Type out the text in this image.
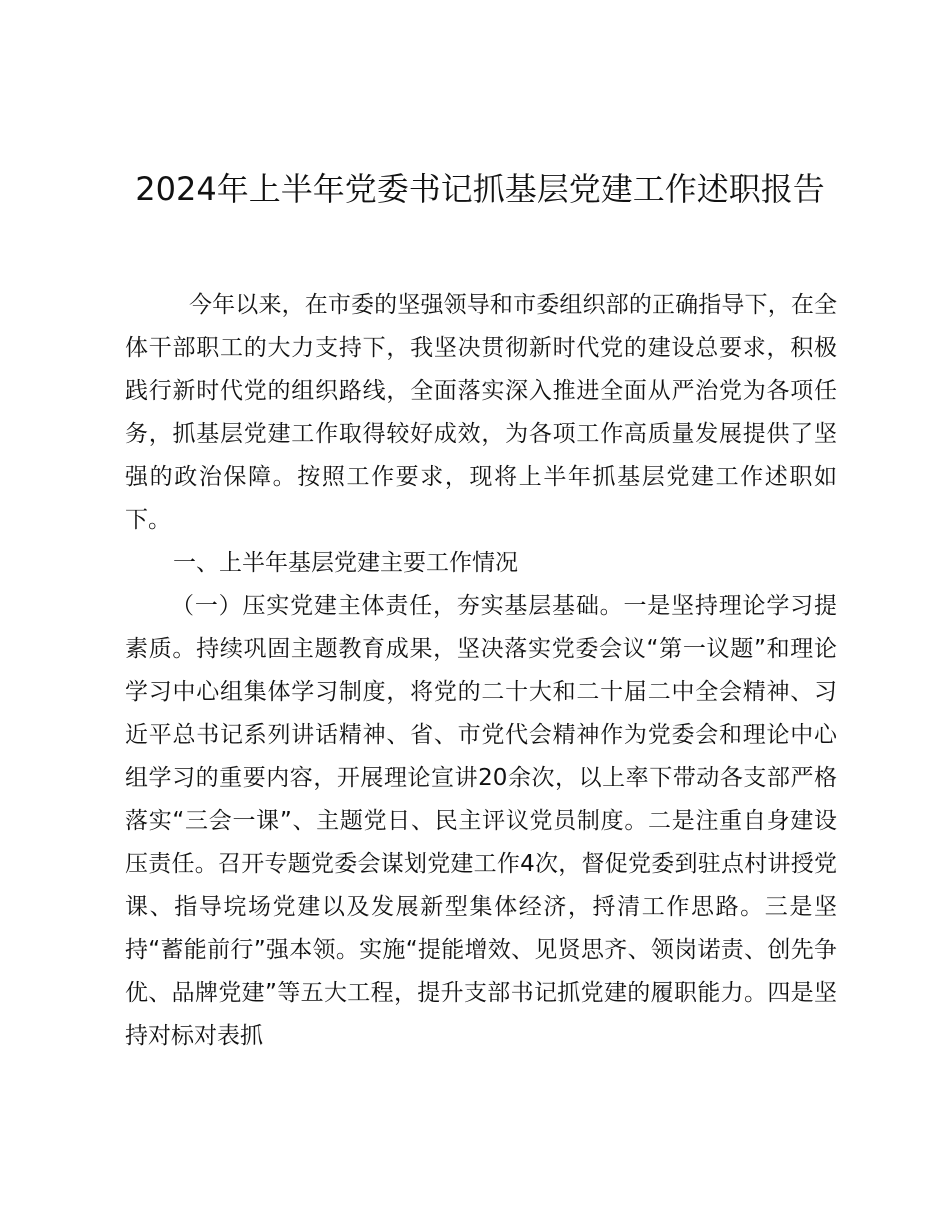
2024年上半年党委书记抓基层党建工作述职报告

今年以来，在市委的坚强领导和市委组织部的正确指导下，在全体干部职工的大力支持下，我坚决贯彻新时代党的建设总要求，积极践行新时代党的组织路线，全面落实深入推进全面从严治党为各项任务，抓基层党建工作取得较好成效，为各项工作高质量发展提供了坚强的政治保障。按照工作要求，现将上半年抓基层党建工作述职如下。

一、上半年基层党建主要工作情况

（一）压实党建主体责任，夯实基层基础。一是坚持理论学习提素质。持续巩固主题教育成果，坚决落实党委会议“第一议题”和理论学习中心组集体学习制度，将党的二十大和二十届二中全会精神、习近平总书记系列讲话精神、省、市党代会精神作为党委会和理论中心组学习的重要内容，开展理论宣讲20余次，以上率下带动各支部严格落实“三会一课”、主题党日、民主评议党员制度。二是注重自身建设压责任。召开专题党委会谋划党建工作4次，督促党委到驻点村讲授党课、指导垸场党建以及发展新型集体经济，捋清工作思路。三是坚持“蓄能前行”强本领。实施“提能增效、见贤思齐、领岗诺责、创先争优、品牌党建”等五大工程，提升支部书记抓党建的履职能力。四是坚持对标对表抓
